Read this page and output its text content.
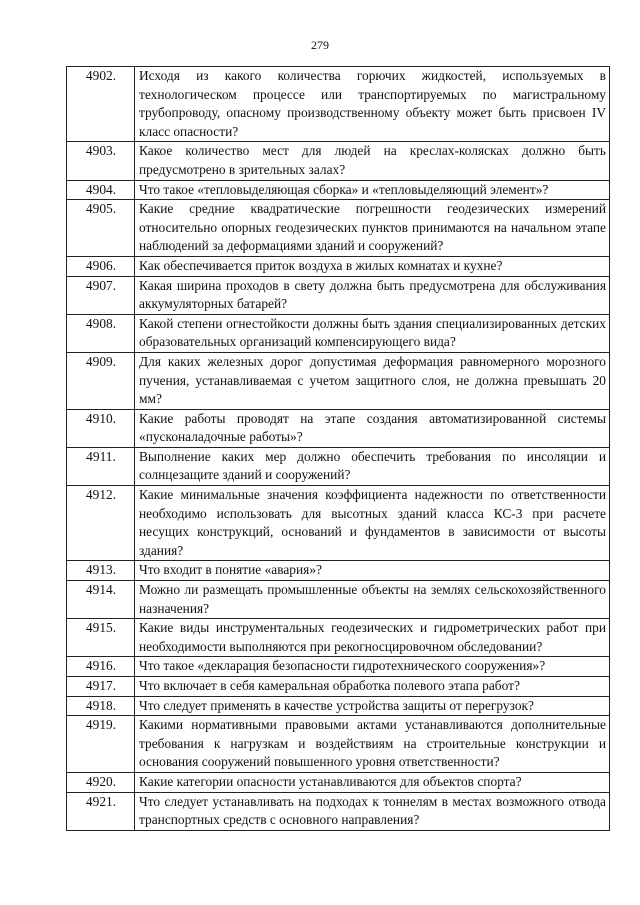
279
4902.	Исходя из какого количества горючих жидкостей, используемых в технологическом процессе или транспортируемых по магистральному трубопроводу, опасному производственному объекту может быть присвоен IV класс опасности?
4903.	Какое количество мест для людей на креслах-колясках должно быть предусмотрено в зрительных залах?
4904.	Что такое «тепловыделяющая сборка» и «тепловыделяющий элемент»?
4905.	Какие средние квадратические погрешности геодезических измерений относительно опорных геодезических пунктов принимаются на начальном этапе наблюдений за деформациями зданий и сооружений?
4906.	Как обеспечивается приток воздуха в жилых комнатах и кухне?
4907.	Какая ширина проходов в свету должна быть предусмотрена для обслуживания аккумуляторных батарей?
4908.	Какой степени огнестойкости должны быть здания специализированных детских образовательных организаций компенсирующего вида?
4909.	Для каких железных дорог допустимая деформация равномерного морозного пучения, устанавливаемая с учетом защитного слоя, не должна превышать 20 мм?
4910.	Какие работы проводят на этапе создания автоматизированной системы «пусконаладочные работы»?
4911.	Выполнение каких мер должно обеспечить требования по инсоляции и солнцезащите зданий и сооружений?
4912.	Какие минимальные значения коэффициента надежности по ответственности необходимо использовать для высотных зданий класса КС-3 при расчете несущих конструкций, оснований и фундаментов в зависимости от высоты здания?
4913.	Что входит в понятие «авария»?
4914.	Можно ли размещать промышленные объекты на землях сельскохозяйственного назначения?
4915.	Какие виды инструментальных геодезических и гидрометрических работ при необходимости выполняются при рекогносцировочном обследовании?
4916.	Что такое «декларация безопасности гидротехнического сооружения»?
4917.	Что включает в себя камеральная обработка полевого этапа работ?
4918.	Что следует применять в качестве устройства защиты от перегрузок?
4919.	Какими нормативными правовыми актами устанавливаются дополнительные требования к нагрузкам и воздействиям на строительные конструкции и основания сооружений повышенного уровня ответственности?
4920.	Какие категории опасности устанавливаются для объектов спорта?
4921.	Что следует устанавливать на подходах к тоннелям в местах возможного отвода транспортных средств с основного направления?
